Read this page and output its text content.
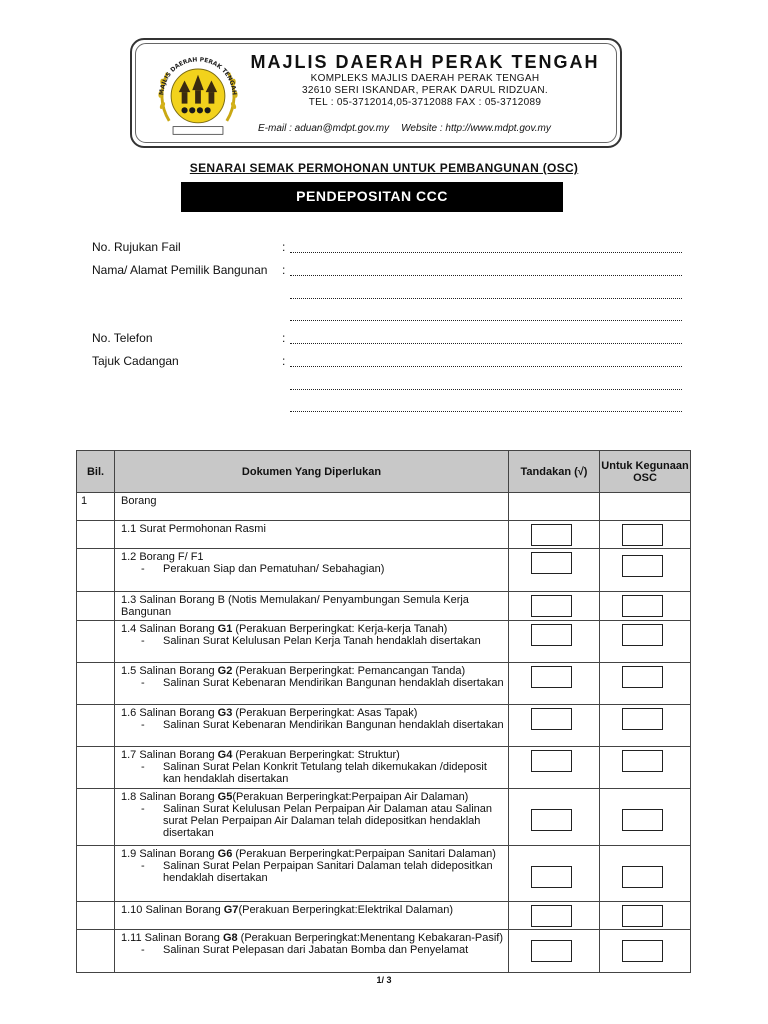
MAJLIS DAERAH PERAK TENGAH
MAJLIS DAERAH PERAK TENGAH
KOMPLEKS MAJLIS DAERAH PERAK TENGAH
32610 SERI ISKANDAR, PERAK DARUL RIDZUAN.
TEL : 05-3712014,05-3712088 FAX : 05-3712089
E-mail : aduan@mdpt.gov.my Website : http://www.mdpt.gov.my
SENARAI SEMAK PERMOHONAN UNTUK PEMBANGUNAN (OSC)
PENDEPOSITAN CCC
No. Rujukan Fail	:
Nama/ Alamat Pemilik Bangunan :
No. Telefon	:
Tajuk Cadangan	:
Bil.	Dokumen Yang Diperlukan	Tandakan (√)	Untuk Kegunaan OSC
1	Borang		
	1.1 Surat Permohonan Rasmi	

	1.2 Borang F/ F1
- Perakuan Siap dan Pematuhan/ Sebahagian)		

	1.3 Salinan Borang B (Notis Memulakan/ Penyambungan Semula Kerja Bangunan	

	1.4 Salinan Borang G1 (Perakuan Berperingkat: Kerja-kerja Tanah)
- Salinan Surat Kelulusan Pelan Kerja Tanah hendaklah disertakan		

	1.5 Salinan Borang G2 (Perakuan Berperingkat: Pemancangan Tanda)
- Salinan Surat Kebenaran Mendirikan Bangunan hendaklah disertakan		

	1.6 Salinan Borang G3 (Perakuan Berperingkat: Asas Tapak)
- Salinan Surat Kebenaran Mendirikan Bangunan hendaklah disertakan		

	1.7 Salinan Borang G4 (Perakuan Berperingkat: Struktur)
- Salinan Surat Pelan Konkrit Tetulang telah dikemukakan /dideposit kan hendaklah disertakan		

	1.8 Salinan Borang G5(Perakuan Berperingkat:Perpaipan Air Dalaman)
- Salinan Surat Kelulusan Pelan Perpaipan Air Dalaman atau Salinan surat Pelan Perpaipan Air Dalaman telah didepositkan hendaklah disertakan		

	1.9 Salinan Borang G6 (Perakuan Berperingkat:Perpaipan Sanitari Dalaman)
- Salinan Surat Pelan Perpaipan Sanitari Dalaman telah didepositkan hendaklah disertakan		

	1.10 Salinan Borang G7(Perakuan Berperingkat:Elektrikal Dalaman)		

	1.11 Salinan Borang G8 (Perakuan Berperingkat:Menentang Kebakaran-Pasif)
- Salinan Surat Pelepasan dari Jabatan Bomba dan Penyelamat		

1/ 3
